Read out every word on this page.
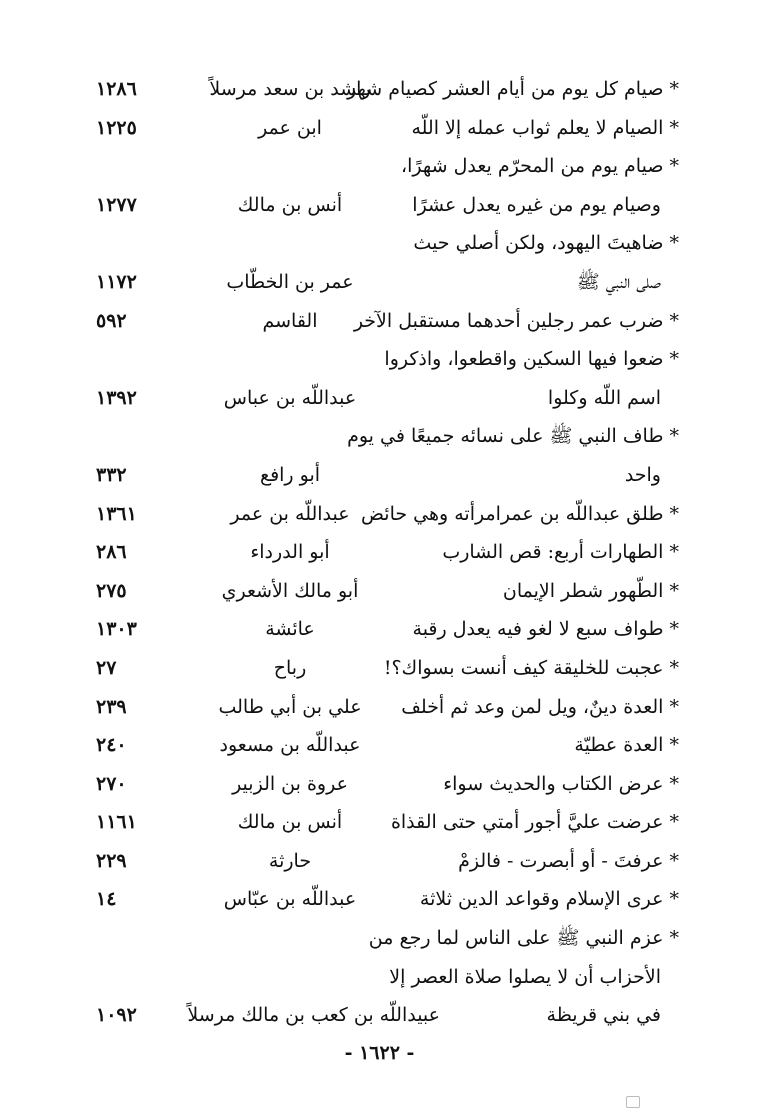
* صيام كل يوم من أيام العشر كصيام شهر
راشد بن سعد مرسلاً
١٢٨٦
* الصيام لا يعلم ثواب عمله إلا اللّه
ابن عمر
١٢٢٥
* صيام يوم من المحرّم يعدل شهرًا،
وصيام يوم من غيره يعدل عشرًا
أنس بن مالك
١٢٧٧
* ضاهيتَ اليهود، ولكن أصلي حيث
صلى النبي ﷺ
عمر بن الخطّاب
١١٧٢
* ضرب عمر رجلين أحدهما مستقبل الآخر
القاسم
٥٩٢
* ضعوا فيها السكين واقطعوا، واذكروا
اسم اللّه وكلوا
عبداللّه بن عباس
١٣٩٢
* طاف النبي ﷺ على نسائه جميعًا في يوم
واحد
أبو رافع
٣٣٢
* طلق عبداللّه بن عمرامرأته وهي حائض
عبداللّه بن عمر
١٣٦١
* الطهارات أربع: قص الشارب
أبو الدرداء
٢٨٦
* الطّهور شطر الإيمان
أبو مالك الأشعري
٢٧٥
* طواف سبع لا لغو فيه يعدل رقبة
عائشة
١٣٠٣
* عجبت للخليقة كيف أنست بسواك؟!
رباح
٢٧
* العدة دينٌ، ويل لمن وعد ثم أخلف
علي بن أبي طالب
٢٣٩
* العدة عطيّة
عبداللّه بن مسعود
٢٤٠
* عرض الكتاب والحديث سواء
عروة بن الزبير
٢٧٠
* عرضت عليَّ أجور أمتي حتى القذاة
أنس بن مالك
١١٦١
* عرفتَ - أو أبصرت - فالزمْ
حارثة
٢٢٩
* عرى الإسلام وقواعد الدين ثلاثة
عبداللّه بن عبّاس
١٤
* عزم النبي ﷺ على الناس لما رجع من
الأحزاب أن لا يصلوا صلاة العصر إلا
في بني قريظة
عبيداللّه بن كعب بن مالك مرسلاً
١٠٩٢
- ١٦٢٢ -
